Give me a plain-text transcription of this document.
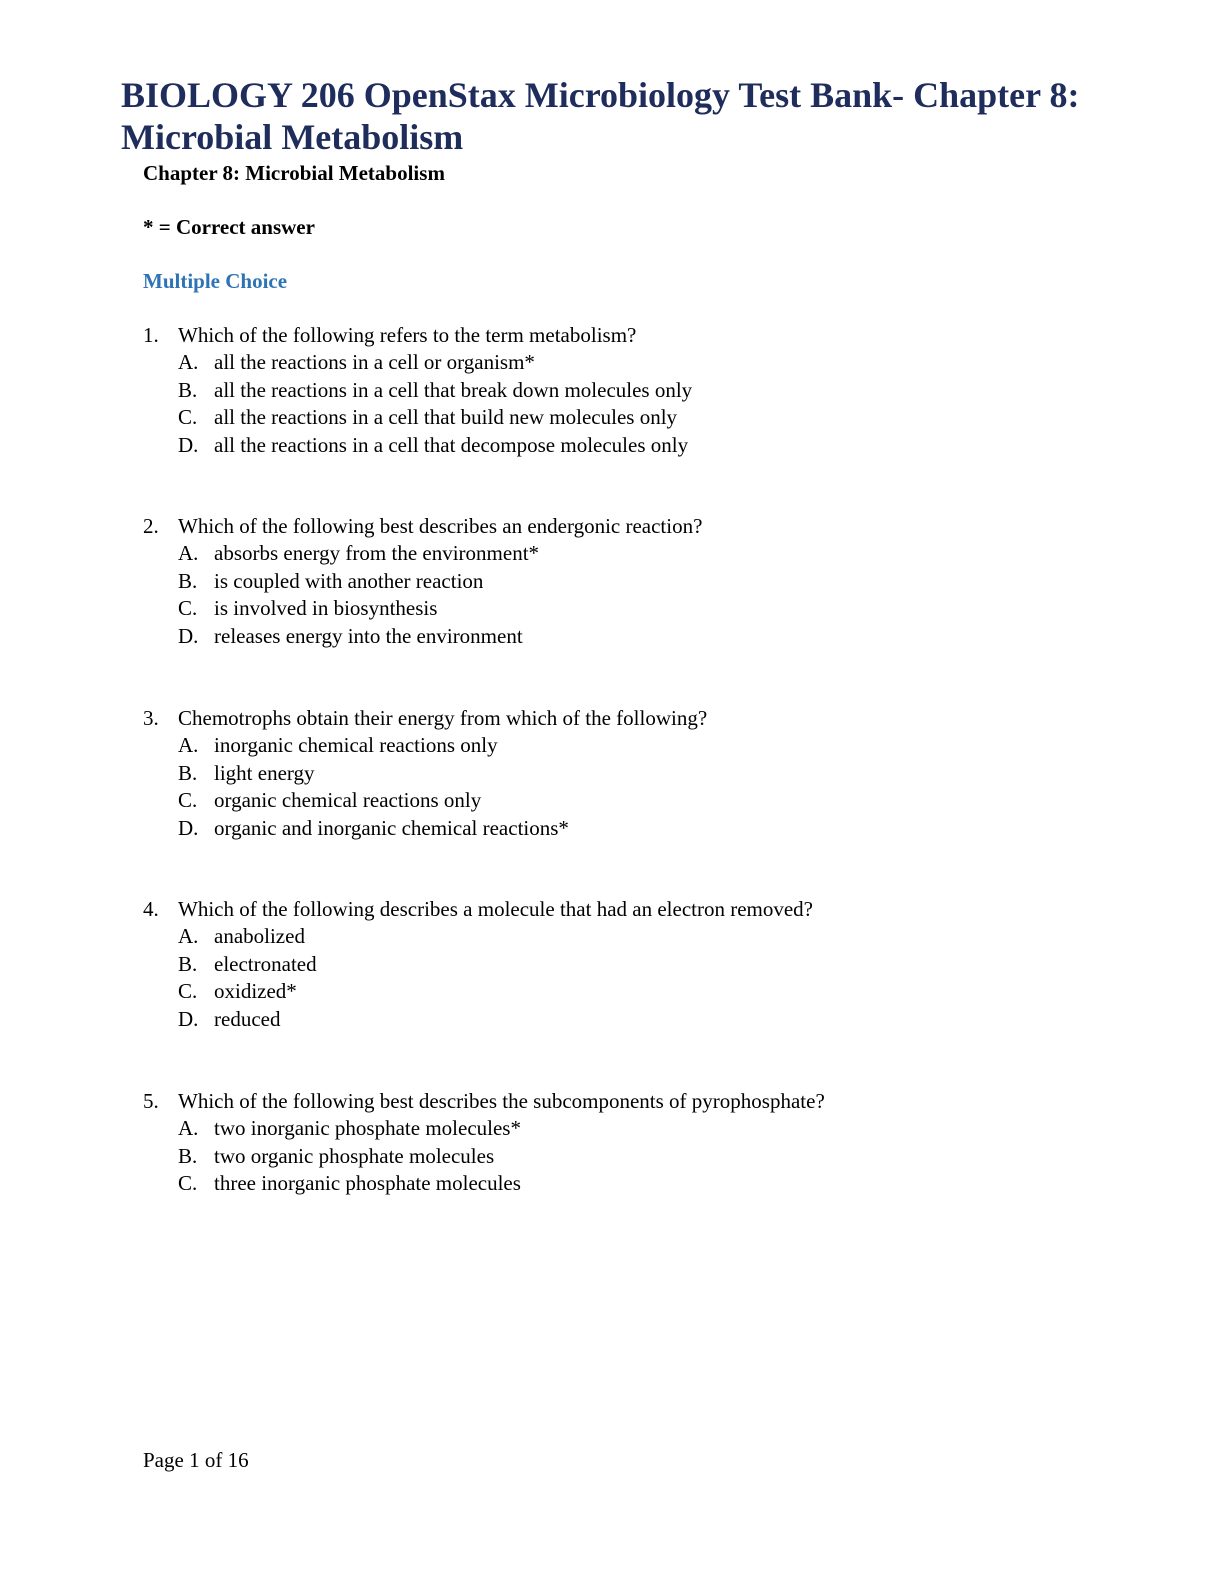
BIOLOGY 206 OpenStax Microbiology Test Bank- Chapter 8: Microbial Metabolism
Chapter 8: Microbial Metabolism
* = Correct answer
Multiple Choice
1. Which of the following refers to the term metabolism?
A. all the reactions in a cell or organism*
B. all the reactions in a cell that break down molecules only
C. all the reactions in a cell that build new molecules only
D. all the reactions in a cell that decompose molecules only
2. Which of the following best describes an endergonic reaction?
A. absorbs energy from the environment*
B. is coupled with another reaction
C. is involved in biosynthesis
D. releases energy into the environment
3. Chemotrophs obtain their energy from which of the following?
A. inorganic chemical reactions only
B. light energy
C. organic chemical reactions only
D. organic and inorganic chemical reactions*
4. Which of the following describes a molecule that had an electron removed?
A. anabolized
B. electronated
C. oxidized*
D. reduced
5. Which of the following best describes the subcomponents of pyrophosphate?
A. two inorganic phosphate molecules*
B. two organic phosphate molecules
C. three inorganic phosphate molecules
Page 1 of 16
